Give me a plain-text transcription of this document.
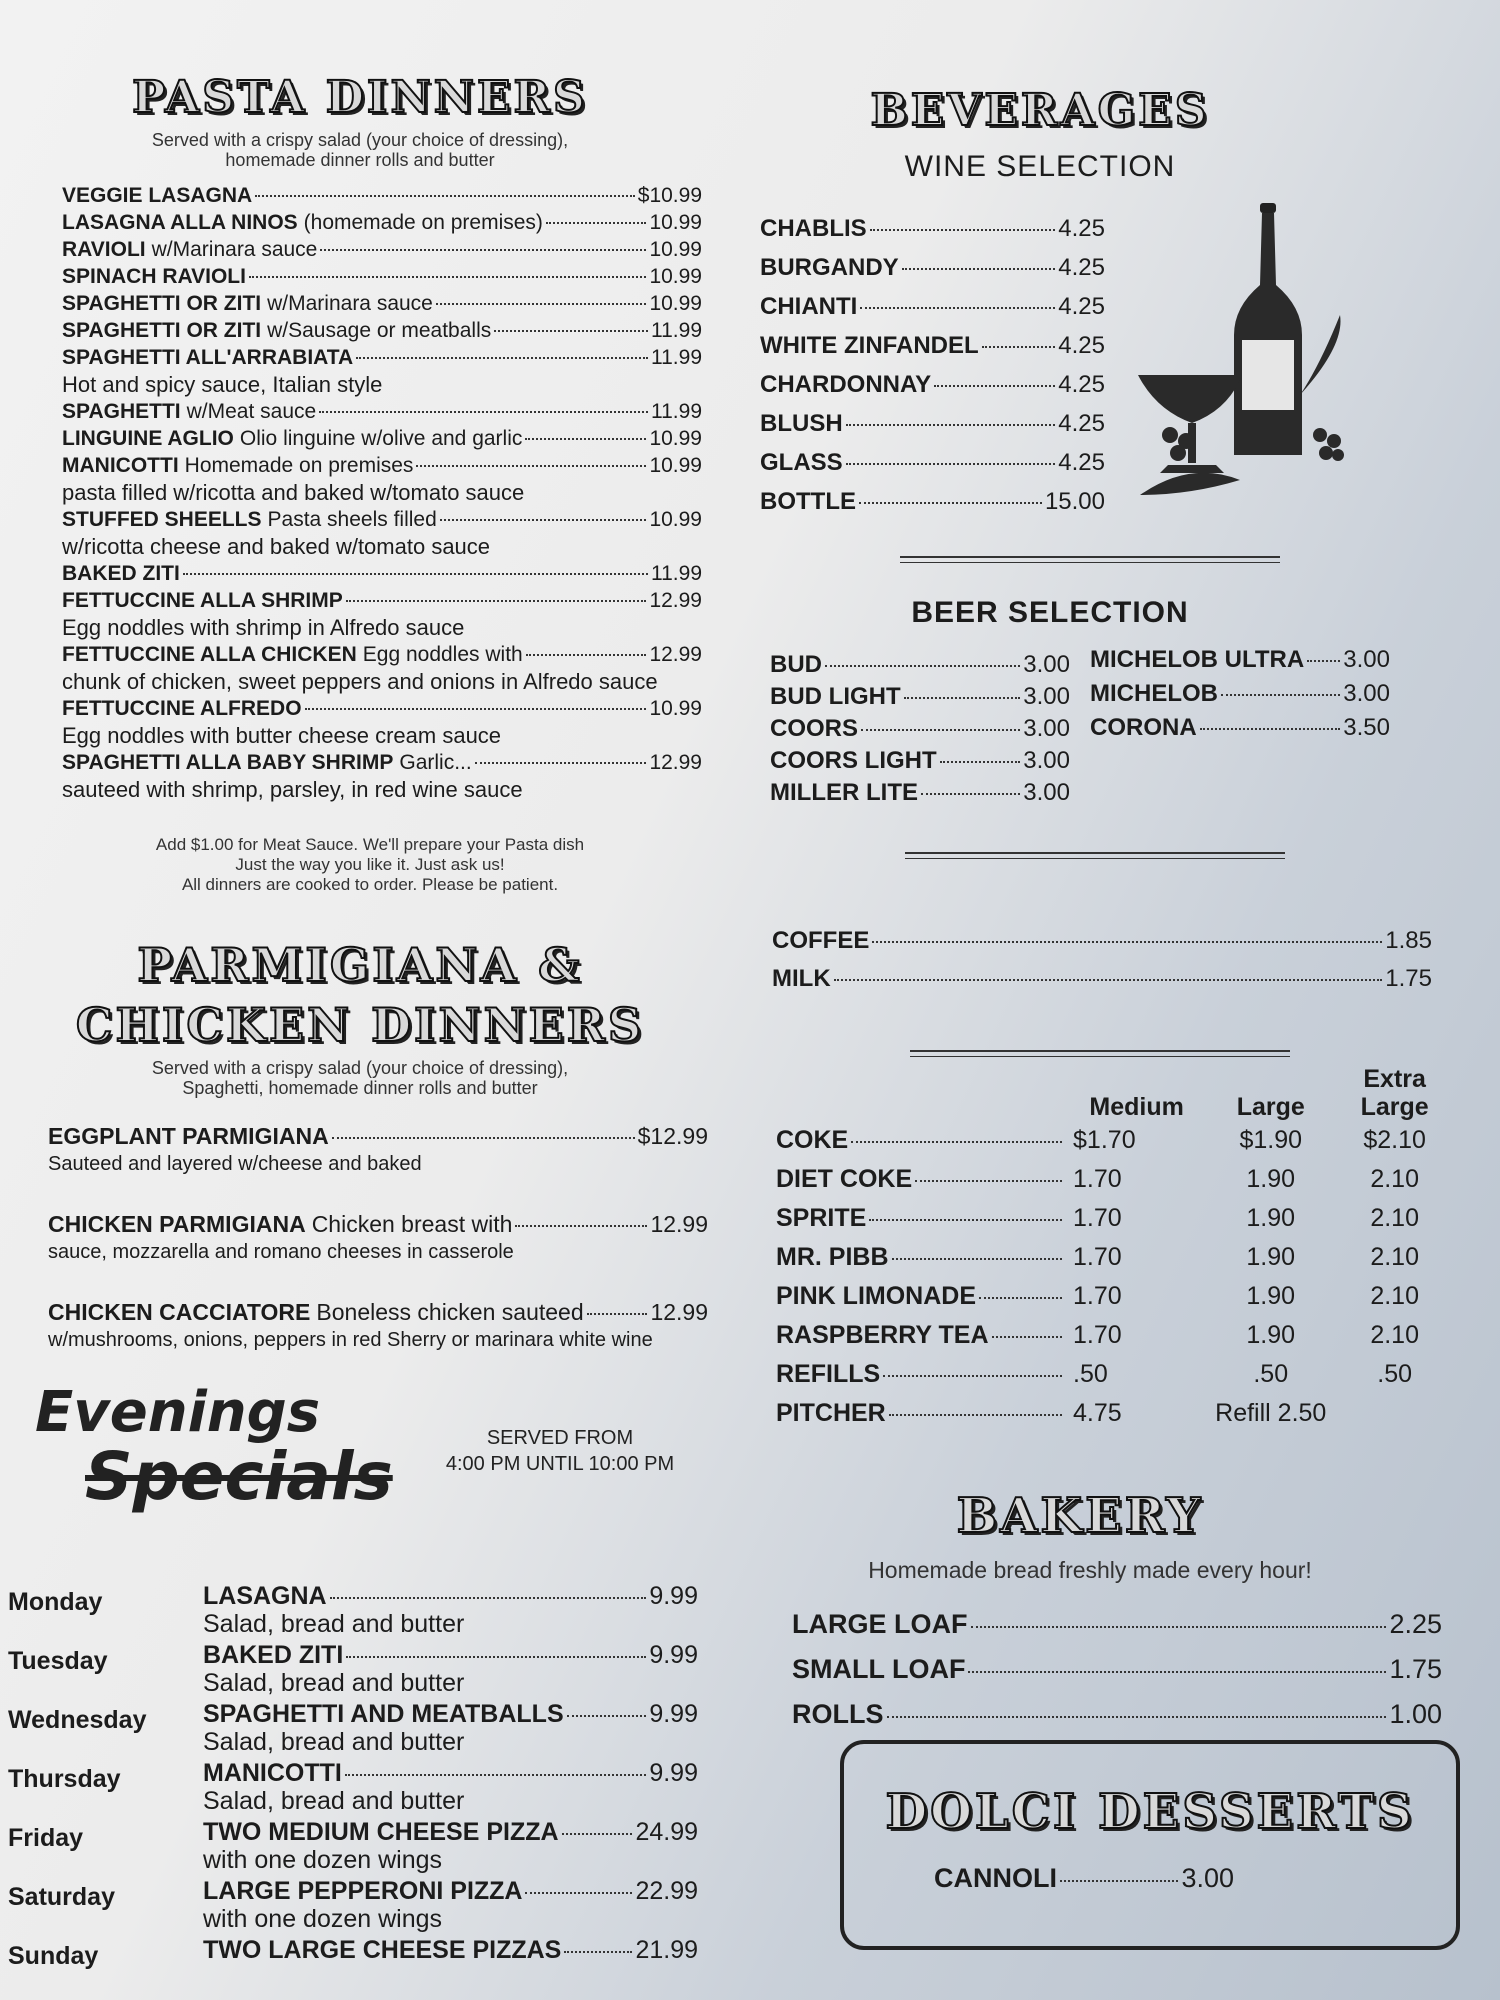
PASTA DINNERS
Served with a crispy salad (your choice of dressing),
homemade dinner rolls and butter
VEGGIE LASAGNA	$10.99
LASAGNA ALLA NINOS (homemade on premises)	10.99
RAVIOLI w/Marinara sauce	10.99
SPINACH RAVIOLI	10.99
SPAGHETTI OR ZITI w/Marinara sauce	10.99
SPAGHETTI OR ZITI w/Sausage or meatballs	11.99
SPAGHETTI ALL'ARRABIATA	11.99
Hot and spicy sauce, Italian style
SPAGHETTI w/Meat sauce	11.99
LINGUINE AGLIO Olio linguine w/olive and garlic	10.99
MANICOTTI Homemade on premises	10.99
pasta filled w/ricotta and baked w/tomato sauce
STUFFED SHEELLS Pasta sheels filled	10.99
w/ricotta cheese and baked w/tomato sauce
BAKED ZITI	11.99
FETTUCCINE ALLA SHRIMP	12.99
Egg noddles with shrimp in Alfredo sauce
FETTUCCINE ALLA CHICKEN Egg noddles with	12.99
chunk of chicken, sweet peppers and onions in Alfredo sauce
FETTUCCINE ALFREDO	10.99
Egg noddles with butter cheese cream sauce
SPAGHETTI ALLA BABY SHRIMP Garlic...	12.99
sauteed with shrimp, parsley, in red wine sauce
Add $1.00 for Meat Sauce. We'll prepare your Pasta dish
Just the way you like it. Just ask us!
All dinners are cooked to order. Please be patient.
PARMIGIANA &
CHICKEN DINNERS
Served with a crispy salad (your choice of dressing),
Spaghetti, homemade dinner rolls and butter
EGGPLANT PARMIGIANA	$12.99
Sauteed and layered w/cheese and baked
CHICKEN PARMIGIANA Chicken breast with	12.99
sauce, mozzarella and romano cheeses in casserole
CHICKEN CACCIATORE Boneless chicken sauteed	12.99
w/mushrooms, onions, peppers in red Sherry or marinara white wine
Evenings
Specials	SERVED FROM
4:00 PM UNTIL 10:00 PM
Monday	LASAGNA	9.99
Salad, bread and butter
Tuesday	BAKED ZITI	9.99
Salad, bread and butter
Wednesday	SPAGHETTI AND MEATBALLS	9.99
Salad, bread and butter
Thursday	MANICOTTI	9.99
Salad, bread and butter
Friday	TWO MEDIUM CHEESE PIZZA	24.99
with one dozen wings
Saturday	LARGE PEPPERONI PIZZA	22.99
with one dozen wings
Sunday	TWO LARGE CHEESE PIZZAS	21.99
BEVERAGES
WINE SELECTION
CHABLIS	4.25
BURGANDY	4.25
CHIANTI	4.25
WHITE ZINFANDEL	4.25
CHARDONNAY	4.25
BLUSH	4.25
GLASS	4.25
BOTTLE	15.00
BEER SELECTION
BUD	3.00
BUD LIGHT	3.00
COORS	3.00
COORS LIGHT	3.00
MILLER LITE	3.00
MICHELOB ULTRA 3.00
MICHELOB	3.00
CORONA	3.50
COFFEE	1.85
MILK	1.75
	Medium	Large	Extra Large

COKE	$1.70	$1.90	$2.10

DIET COKE	1.70	1.90	2.10

SPRITE	1.70	1.90	2.10

MR. PIBB	1.70	1.90	2.10

PINK LIMONADE	1.70	1.90	2.10

RASPBERRY TEA	1.70	1.90	2.10

REFILLS	.50	.50	.50

PITCHER	4.75	Refill 2.50	
BAKERY
Homemade bread freshly made every hour!
LARGE LOAF	2.25
SMALL LOAF	1.75
ROLLS	1.00
DOLCI DESSERTS
CANNOLI	3.00
